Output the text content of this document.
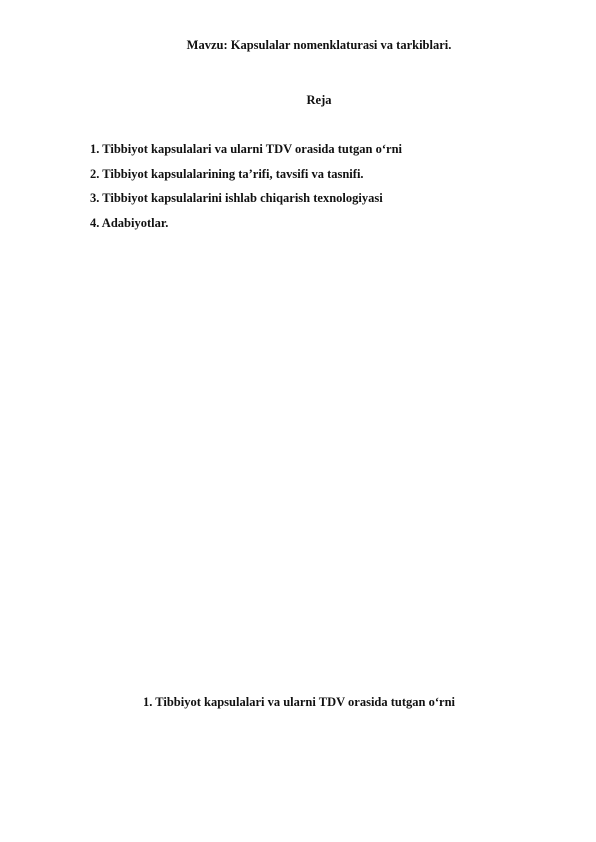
Mavzu: Kapsulalar nomenklaturasi va tarkiblari.
Reja
1. Tibbiyot kapsulalari va ularni TDV orasida tutgan o‘rni
2. Tibbiyot kapsulalarining ta’rifi, tavsifi va tasnifi.
3. Tibbiyot kapsulalarini ishlab chiqarish texnologiyasi
4. Adabiyotlar.
1. Tibbiyot kapsulalari va ularni TDV orasida tutgan o‘rni
